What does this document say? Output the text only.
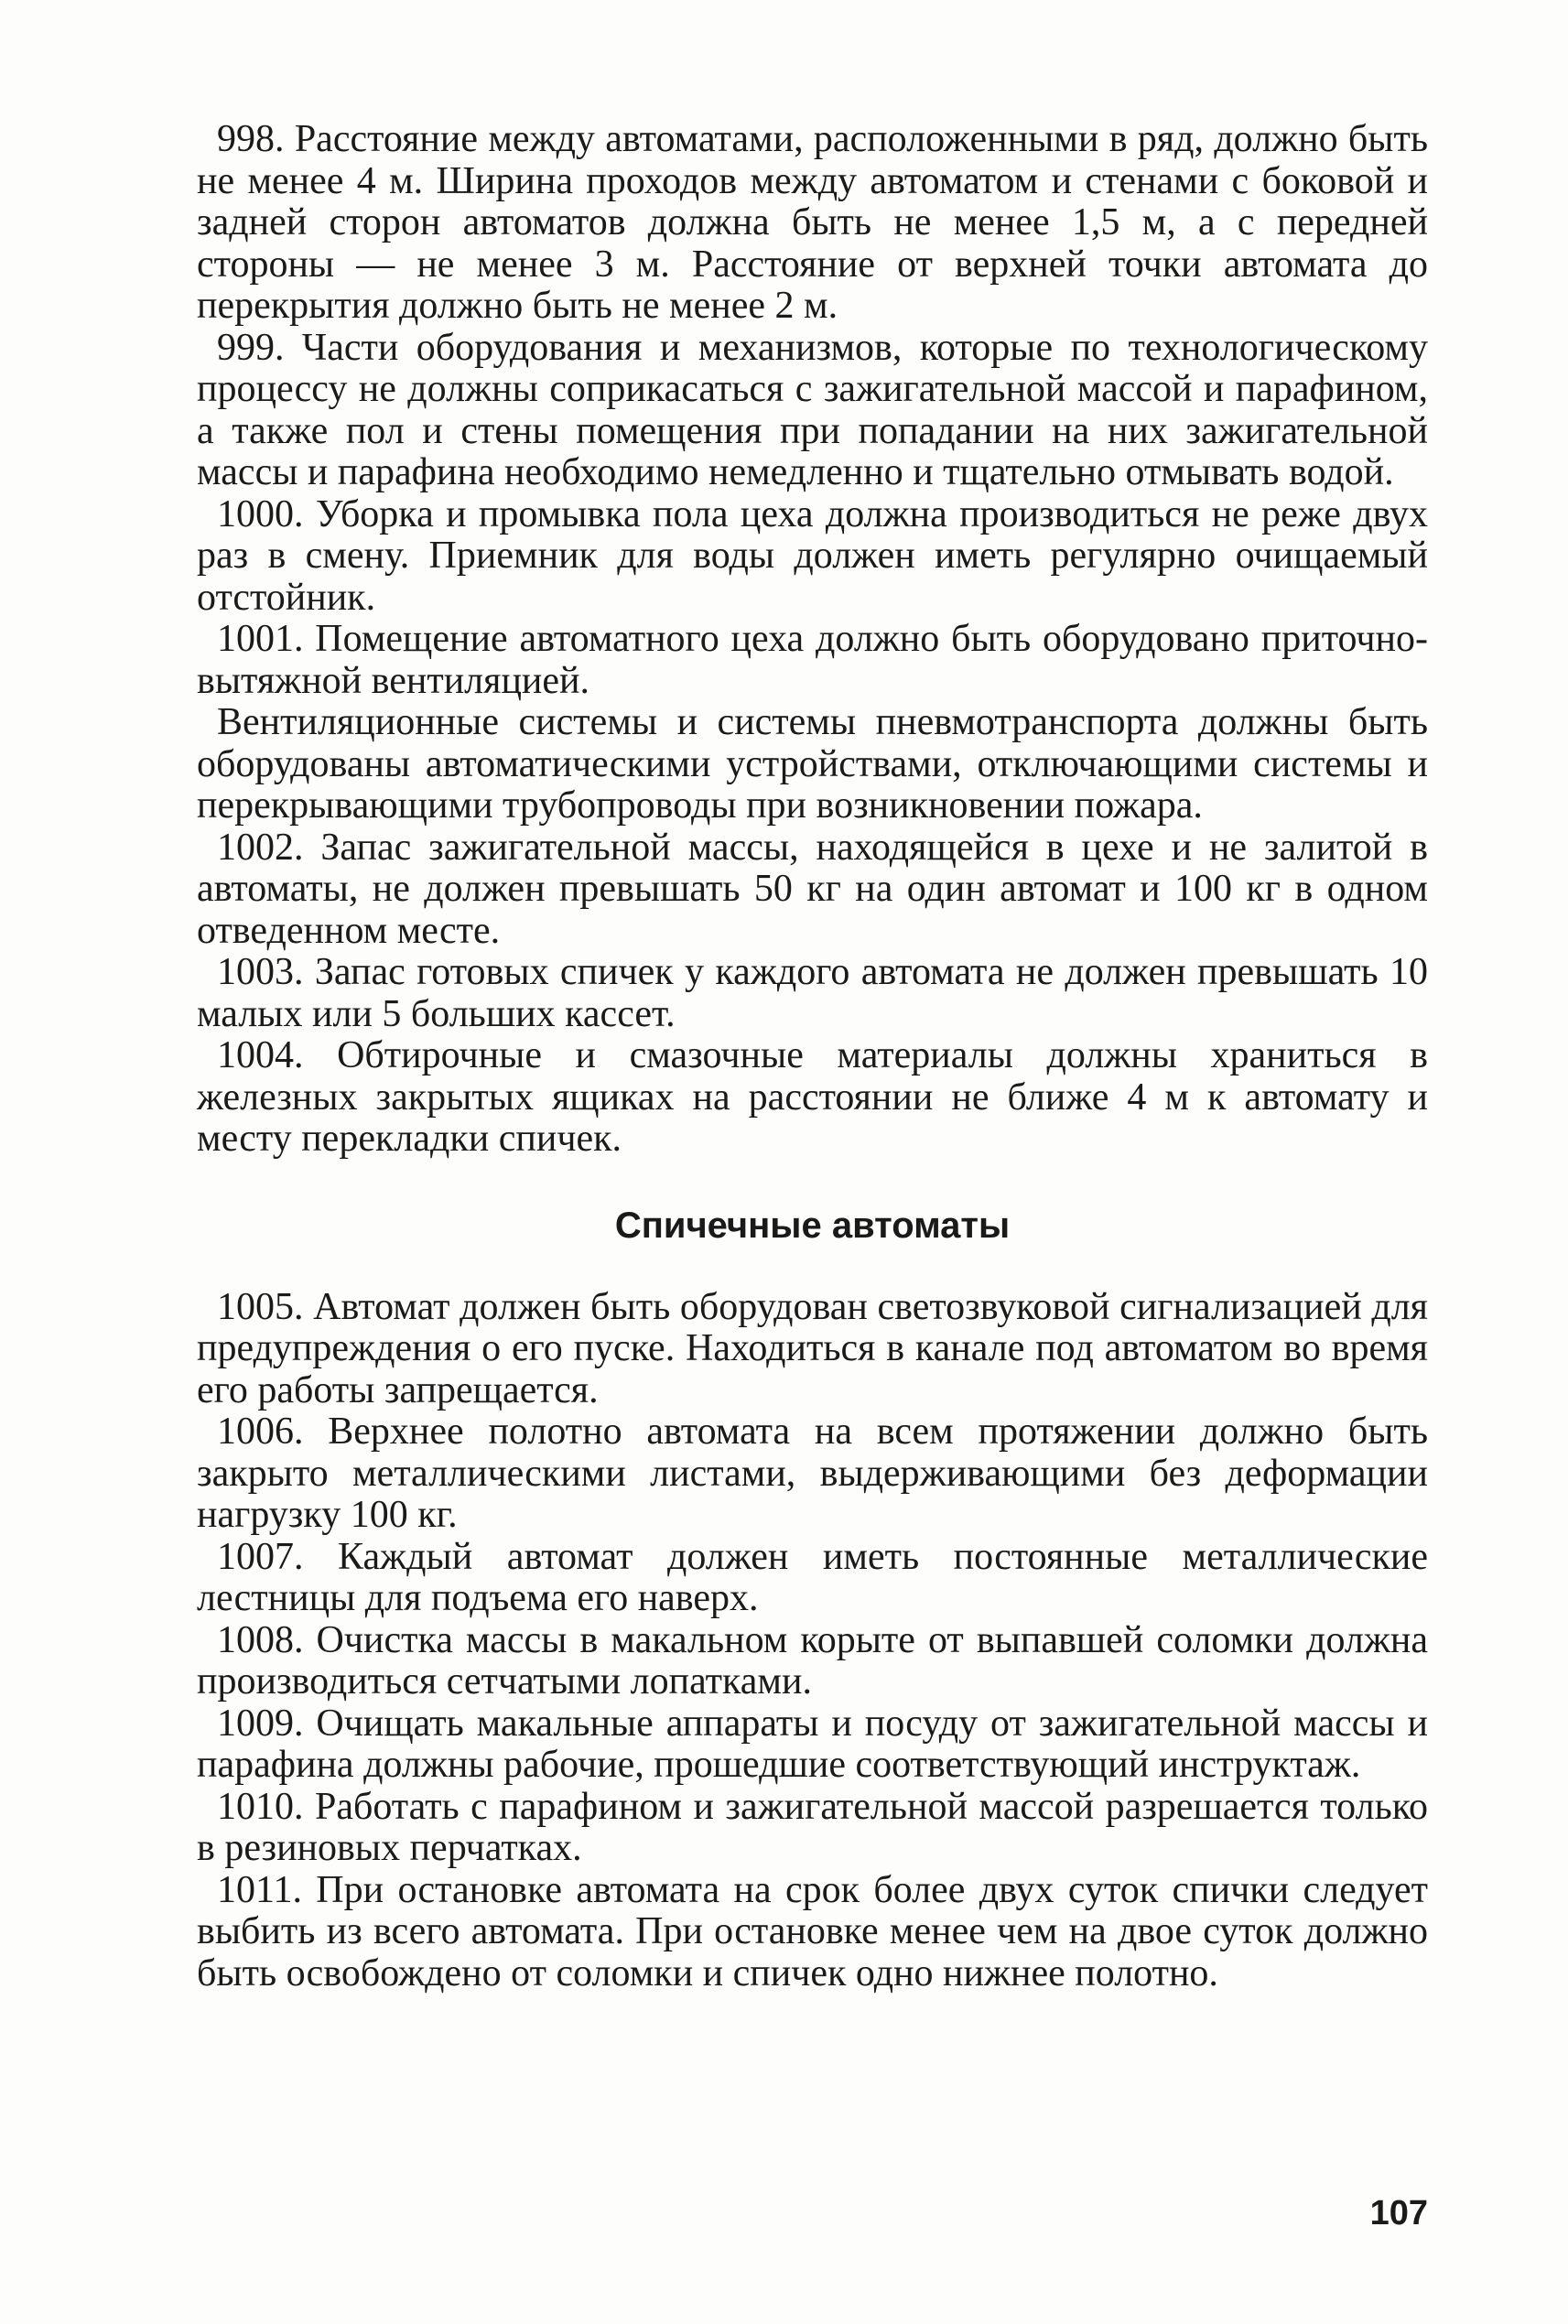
998. Расстояние между автоматами, расположенными в ряд, должно быть не менее 4 м. Ширина проходов между автоматом и стенами с боковой и задней сторон автоматов должна быть не менее 1,5 м, а с передней стороны — не менее 3 м. Расстояние от верхней точки автомата до перекрытия должно быть не менее 2 м.

999. Части оборудования и механизмов, которые по технологическому процессу не должны соприкасаться с зажигательной массой и парафином, а также пол и стены помещения при попадании на них зажигательной массы и парафина необходимо немедленно и тщательно отмывать водой.

1000. Уборка и промывка пола цеха должна производиться не реже двух раз в смену. Приемник для воды должен иметь регулярно очищаемый отстойник.

1001. Помещение автоматного цеха должно быть оборудовано приточно-вытяжной вентиляцией.

Вентиляционные системы и системы пневмотранспорта должны быть оборудованы автоматическими устройствами, отключающими системы и перекрывающими трубопроводы при возникновении пожара.

1002. Запас зажигательной массы, находящейся в цехе и не залитой в автоматы, не должен превышать 50 кг на один автомат и 100 кг в одном отведенном месте.

1003. Запас готовых спичек у каждого автомата не должен превышать 10 малых или 5 больших кассет.

1004. Обтирочные и смазочные материалы должны храниться в железных закрытых ящиках на расстоянии не ближе 4 м к автомату и месту перекладки спичек.

Спичечные автоматы

1005. Автомат должен быть оборудован светозвуковой сигнализацией для предупреждения о его пуске. Находиться в канале под автоматом во время его работы запрещается.

1006. Верхнее полотно автомата на всем протяжении должно быть закрыто металлическими листами, выдерживающими без деформации нагрузку 100 кг.

1007. Каждый автомат должен иметь постоянные металлические лестницы для подъема его наверх.

1008. Очистка массы в макальном корыте от выпавшей соломки должна производиться сетчатыми лопатками.

1009. Очищать макальные аппараты и посуду от зажигательной массы и парафина должны рабочие, прошедшие соответствующий инструктаж.

1010. Работать с парафином и зажигательной массой разрешается только в резиновых перчатках.

1011. При остановке автомата на срок более двух суток спички следует выбить из всего автомата. При остановке менее чем на двое суток должно быть освобождено от соломки и спичек одно нижнее полотно.

107
